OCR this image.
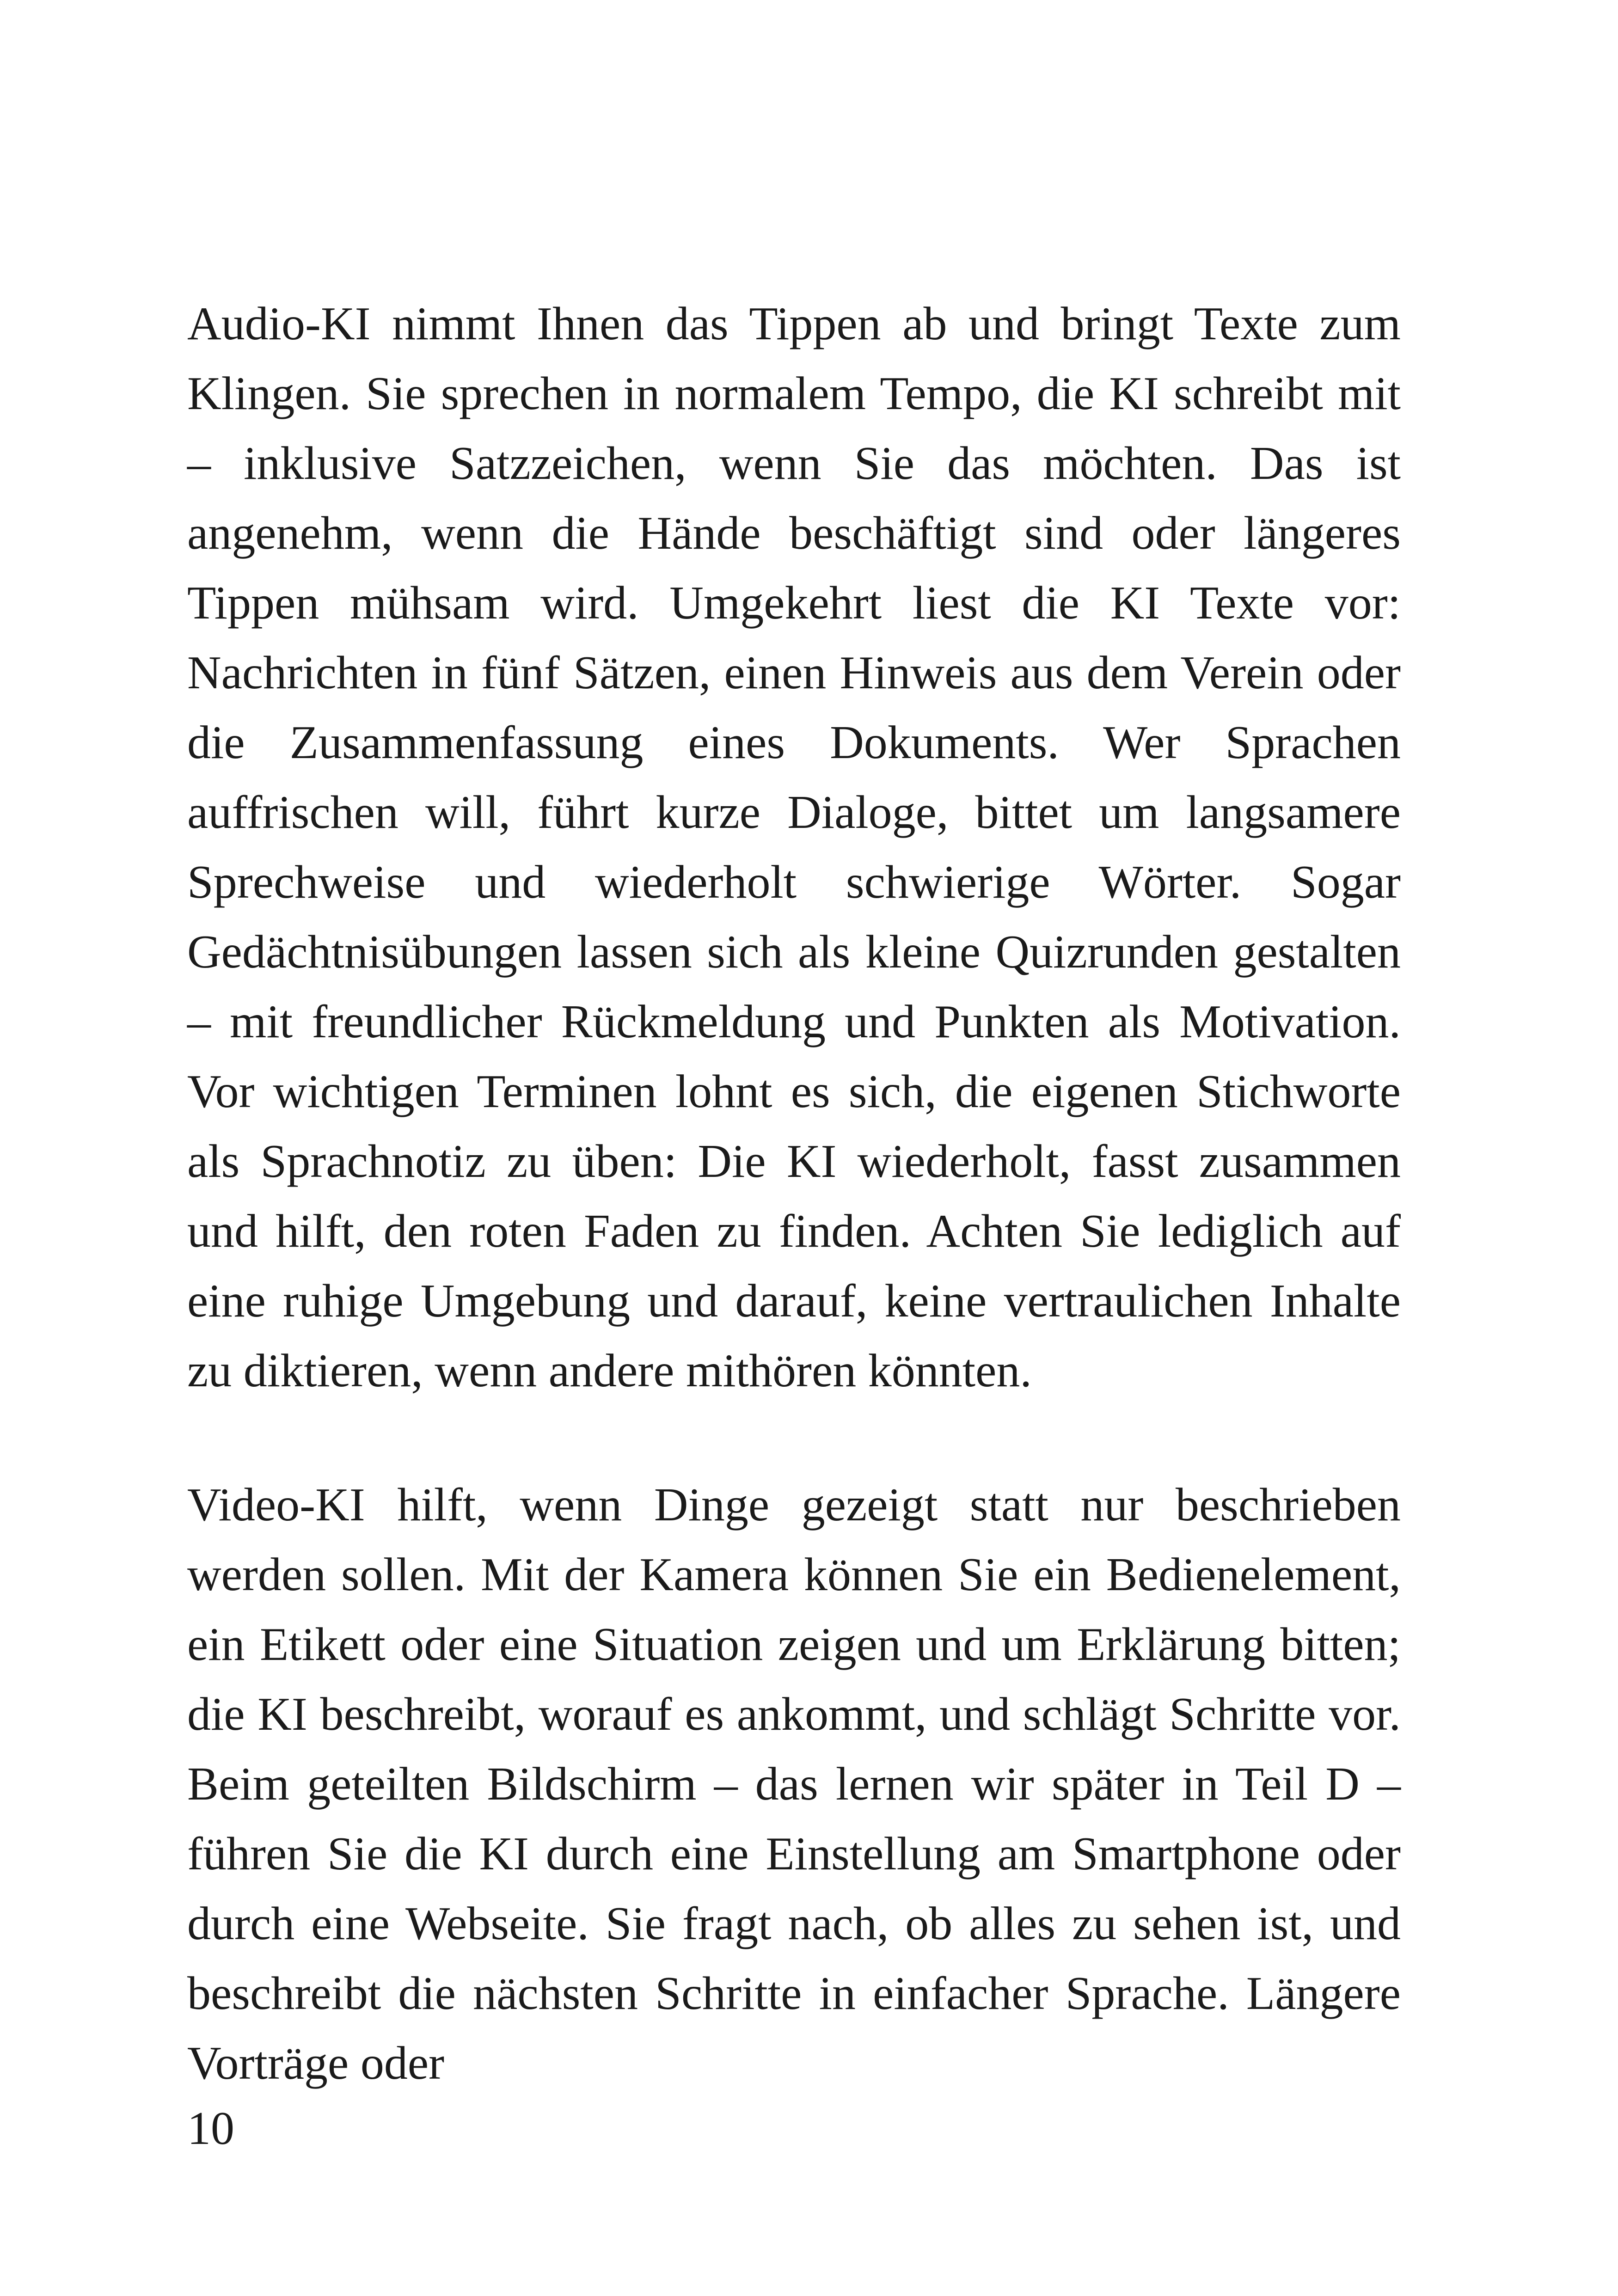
Audio-KI nimmt Ihnen das Tippen ab und bringt Texte zum Klingen. Sie sprechen in normalem Tempo, die KI schreibt mit – inklusive Satzzeichen, wenn Sie das möchten. Das ist angenehm, wenn die Hände beschäftigt sind oder längeres Tippen mühsam wird. Umgekehrt liest die KI Texte vor: Nachrichten in fünf Sätzen, einen Hinweis aus dem Verein oder die Zusammenfassung eines Dokuments. Wer Sprachen auffrischen will, führt kurze Dialoge, bittet um langsamere Sprechweise und wiederholt schwierige Wörter. Sogar Gedächtnisübungen lassen sich als kleine Quizrunden gestalten – mit freundlicher Rückmeldung und Punkten als Motivation. Vor wichtigen Terminen lohnt es sich, die eigenen Stichworte als Sprachnotiz zu üben: Die KI wiederholt, fasst zusammen und hilft, den roten Faden zu finden. Achten Sie lediglich auf eine ruhige Umgebung und darauf, keine vertraulichen Inhalte zu diktieren, wenn andere mithören könnten.

Video-KI hilft, wenn Dinge gezeigt statt nur beschrieben werden sollen. Mit der Kamera können Sie ein Bedienelement, ein Etikett oder eine Situation zeigen und um Erklärung bitten; die KI beschreibt, worauf es ankommt, und schlägt Schritte vor. Beim geteilten Bildschirm – das lernen wir später in Teil D – führen Sie die KI durch eine Einstellung am Smartphone oder durch eine Webseite. Sie fragt nach, ob alles zu sehen ist, und beschreibt die nächsten Schritte in einfacher Sprache. Längere Vorträge oder

10
